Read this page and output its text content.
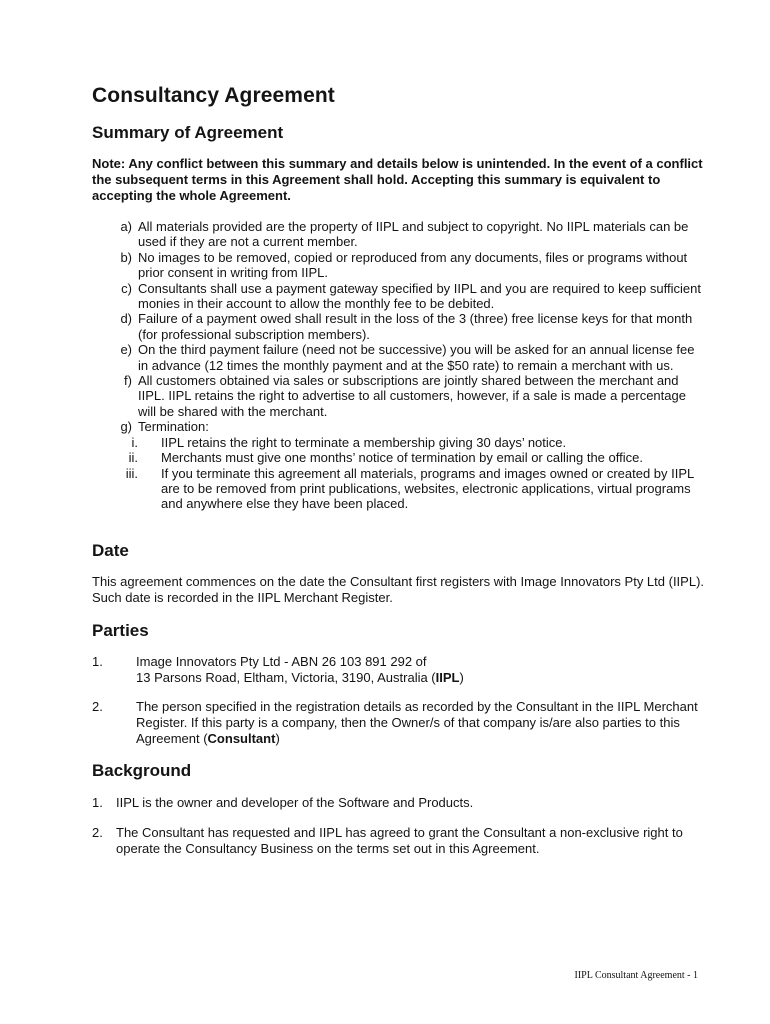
Consultancy Agreement
Summary of Agreement

Note: Any conflict between this summary and details below is unintended. In the event of a conflict the subsequent terms in this Agreement shall hold. Accepting this summary is equivalent to accepting the whole Agreement.

a) All materials provided are the property of IIPL and subject to copyright. No IIPL materials can be used if they are not a current member.
b) No images to be removed, copied or reproduced from any documents, files or programs without prior consent in writing from IIPL.
c) Consultants shall use a payment gateway specified by IIPL and you are required to keep sufficient monies in their account to allow the monthly fee to be debited.
d) Failure of a payment owed shall result in the loss of the 3 (three) free license keys for that month (for professional subscription members).
e) On the third payment failure (need not be successive) you will be asked for an annual license fee in advance (12 times the monthly payment and at the $50 rate) to remain a merchant with us.
f) All customers obtained via sales or subscriptions are jointly shared between the merchant and IIPL. IIPL retains the right to advertise to all customers, however, if a sale is made a percentage will be shared with the merchant.
g) Termination:
i. IIPL retains the right to terminate a membership giving 30 days’ notice.
ii. Merchants must give one months’ notice of termination by email or calling the office.
iii. If you terminate this agreement all materials, programs and images owned or created by IIPL are to be removed from print publications, websites, electronic applications, virtual programs and anywhere else they have been placed.
Date

This agreement commences on the date the Consultant first registers with Image Innovators Pty Ltd (IIPL). Such date is recorded in the IIPL Merchant Register.

Parties
1.	Image Innovators Pty Ltd - ABN 26 103 891 292 of
13 Parsons Road, Eltham, Victoria, 3190, Australia (IIPL)
2.	The person specified in the registration details as recorded by the Consultant in the IIPL Merchant Register. If this party is a company, then the Owner/s of that company is/are also parties to this Agreement (Consultant)
Background
1.	IIPL is the owner and developer of the Software and Products.
2.	The Consultant has requested and IIPL has agreed to grant the Consultant a non-exclusive right to operate the Consultancy Business on the terms set out in this Agreement.
IIPL Consultant Agreement - 1
